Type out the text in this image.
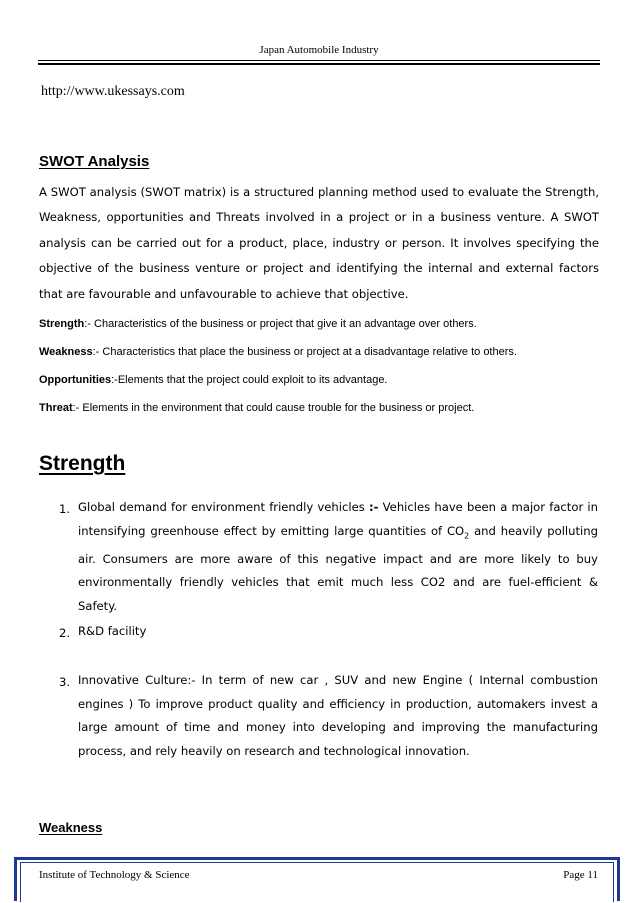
Japan Automobile Industry
http://www.ukessays.com
SWOT Analysis

A SWOT analysis (SWOT matrix) is a structured planning method used to evaluate the Strength, Weakness, opportunities and Threats involved in a project or in a business venture. A SWOT analysis can be carried out for a product, place, industry or person. It involves specifying the objective of the business venture or project and identifying the internal and external factors that are favourable and unfavourable to achieve that objective.

Strength:- Characteristics of the business or project that give it an advantage over others.
Weakness:- Characteristics that place the business or project at a disadvantage relative to others.
Opportunities:-Elements that the project could exploit to its advantage.
Threat:- Elements in the environment that could cause trouble for the business or project.
Strength
1. Global demand for environment friendly vehicles :- Vehicles have been a major factor in intensifying greenhouse effect by emitting large quantities of $CO_2$ and heavily polluting air. Consumers are more aware of this negative impact and are more likely to buy environmentally friendly vehicles that emit much less CO2 and are fuel-efficient & Safety.

2. R&D facility

3. Innovative Culture:- In term of new car , SUV and new Engine ( Internal combustion engines ) To improve product quality and efficiency in production, automakers invest a large amount of time and money into developing and improving the manufacturing process, and rely heavily on research and technological innovation.

Weakness
Institute of Technology & Science	Page 11
